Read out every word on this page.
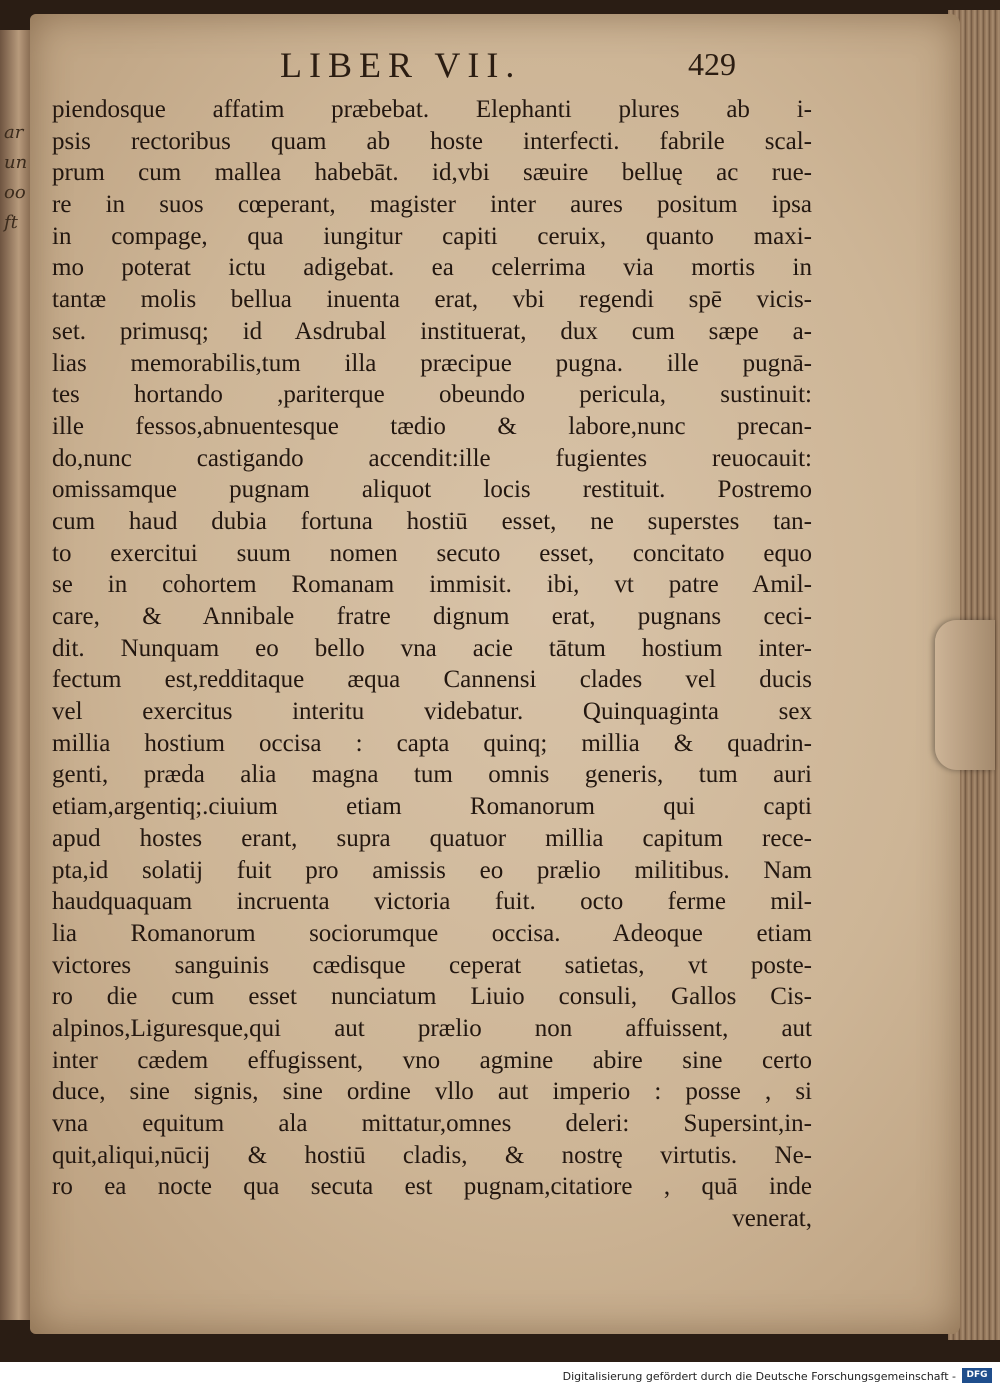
ar
un
oo
ft
LIBER VII.	429
piendosque affatim præbebat. Elephanti plures ab i-
psis rectoribus quam ab hoste interfecti. fabrile scal-
prum cum mallea habebāt. id,vbi sæuire belluę ac rue-
re in suos cœperant, magister inter aures positum ipsa
in compage, qua iungitur capiti ceruix, quanto maxi-
mo poterat ictu adigebat. ea celerrima via mortis in
tantæ molis bellua inuenta erat, vbi regendi spē vicis-
set. primusq; id Asdrubal instituerat, dux cum sæpe a-
lias memorabilis,tum illa præcipue pugna. ille pugnā-
tes hortando ,pariterque obeundo pericula, sustinuit:
ille fessos,abnuentesque tædio & labore,nunc precan-
do,nunc castigando accendit:ille fugientes reuocauit:
omissamque pugnam aliquot locis restituit. Postremo
cum haud dubia fortuna hostiū esset, ne superstes tan-
to exercitui suum nomen secuto esset, concitato equo
se in cohortem Romanam immisit. ibi, vt patre Amil-
care, & Annibale fratre dignum erat, pugnans ceci-
dit. Nunquam eo bello vna acie tātum hostium inter-
fectum est,redditaque æqua Cannensi clades vel ducis
vel exercitus interitu videbatur. Quinquaginta sex
millia hostium occisa : capta quinq; millia & quadrin-
genti, præda alia magna tum omnis generis, tum auri
etiam,argentiq;.ciuium etiam Romanorum qui capti
apud hostes erant, supra quatuor millia capitum rece-
pta,id solatij fuit pro amissis eo prælio militibus. Nam
haudquaquam incruenta victoria fuit. octo ferme mil-
lia Romanorum sociorumque occisa. Adeoque etiam
victores sanguinis cædisque ceperat satietas, vt poste-
ro die cum esset nunciatum Liuio consuli, Gallos Cis-
alpinos,Liguresque,qui aut prælio non affuissent, aut
inter cædem effugissent, vno agmine abire sine certo
duce, sine signis, sine ordine vllo aut imperio : posse , si
vna equitum ala mittatur,omnes deleri: Supersint,in-
quit,aliqui,nūcij & hostiū cladis, & nostrę virtutis. Ne-
ro ea nocte qua secuta est pugnam,citatiore , quā inde
venerat,
Digitalisierung gefördert durch die Deutsche Forschungsgemeinschaft -	DFG
